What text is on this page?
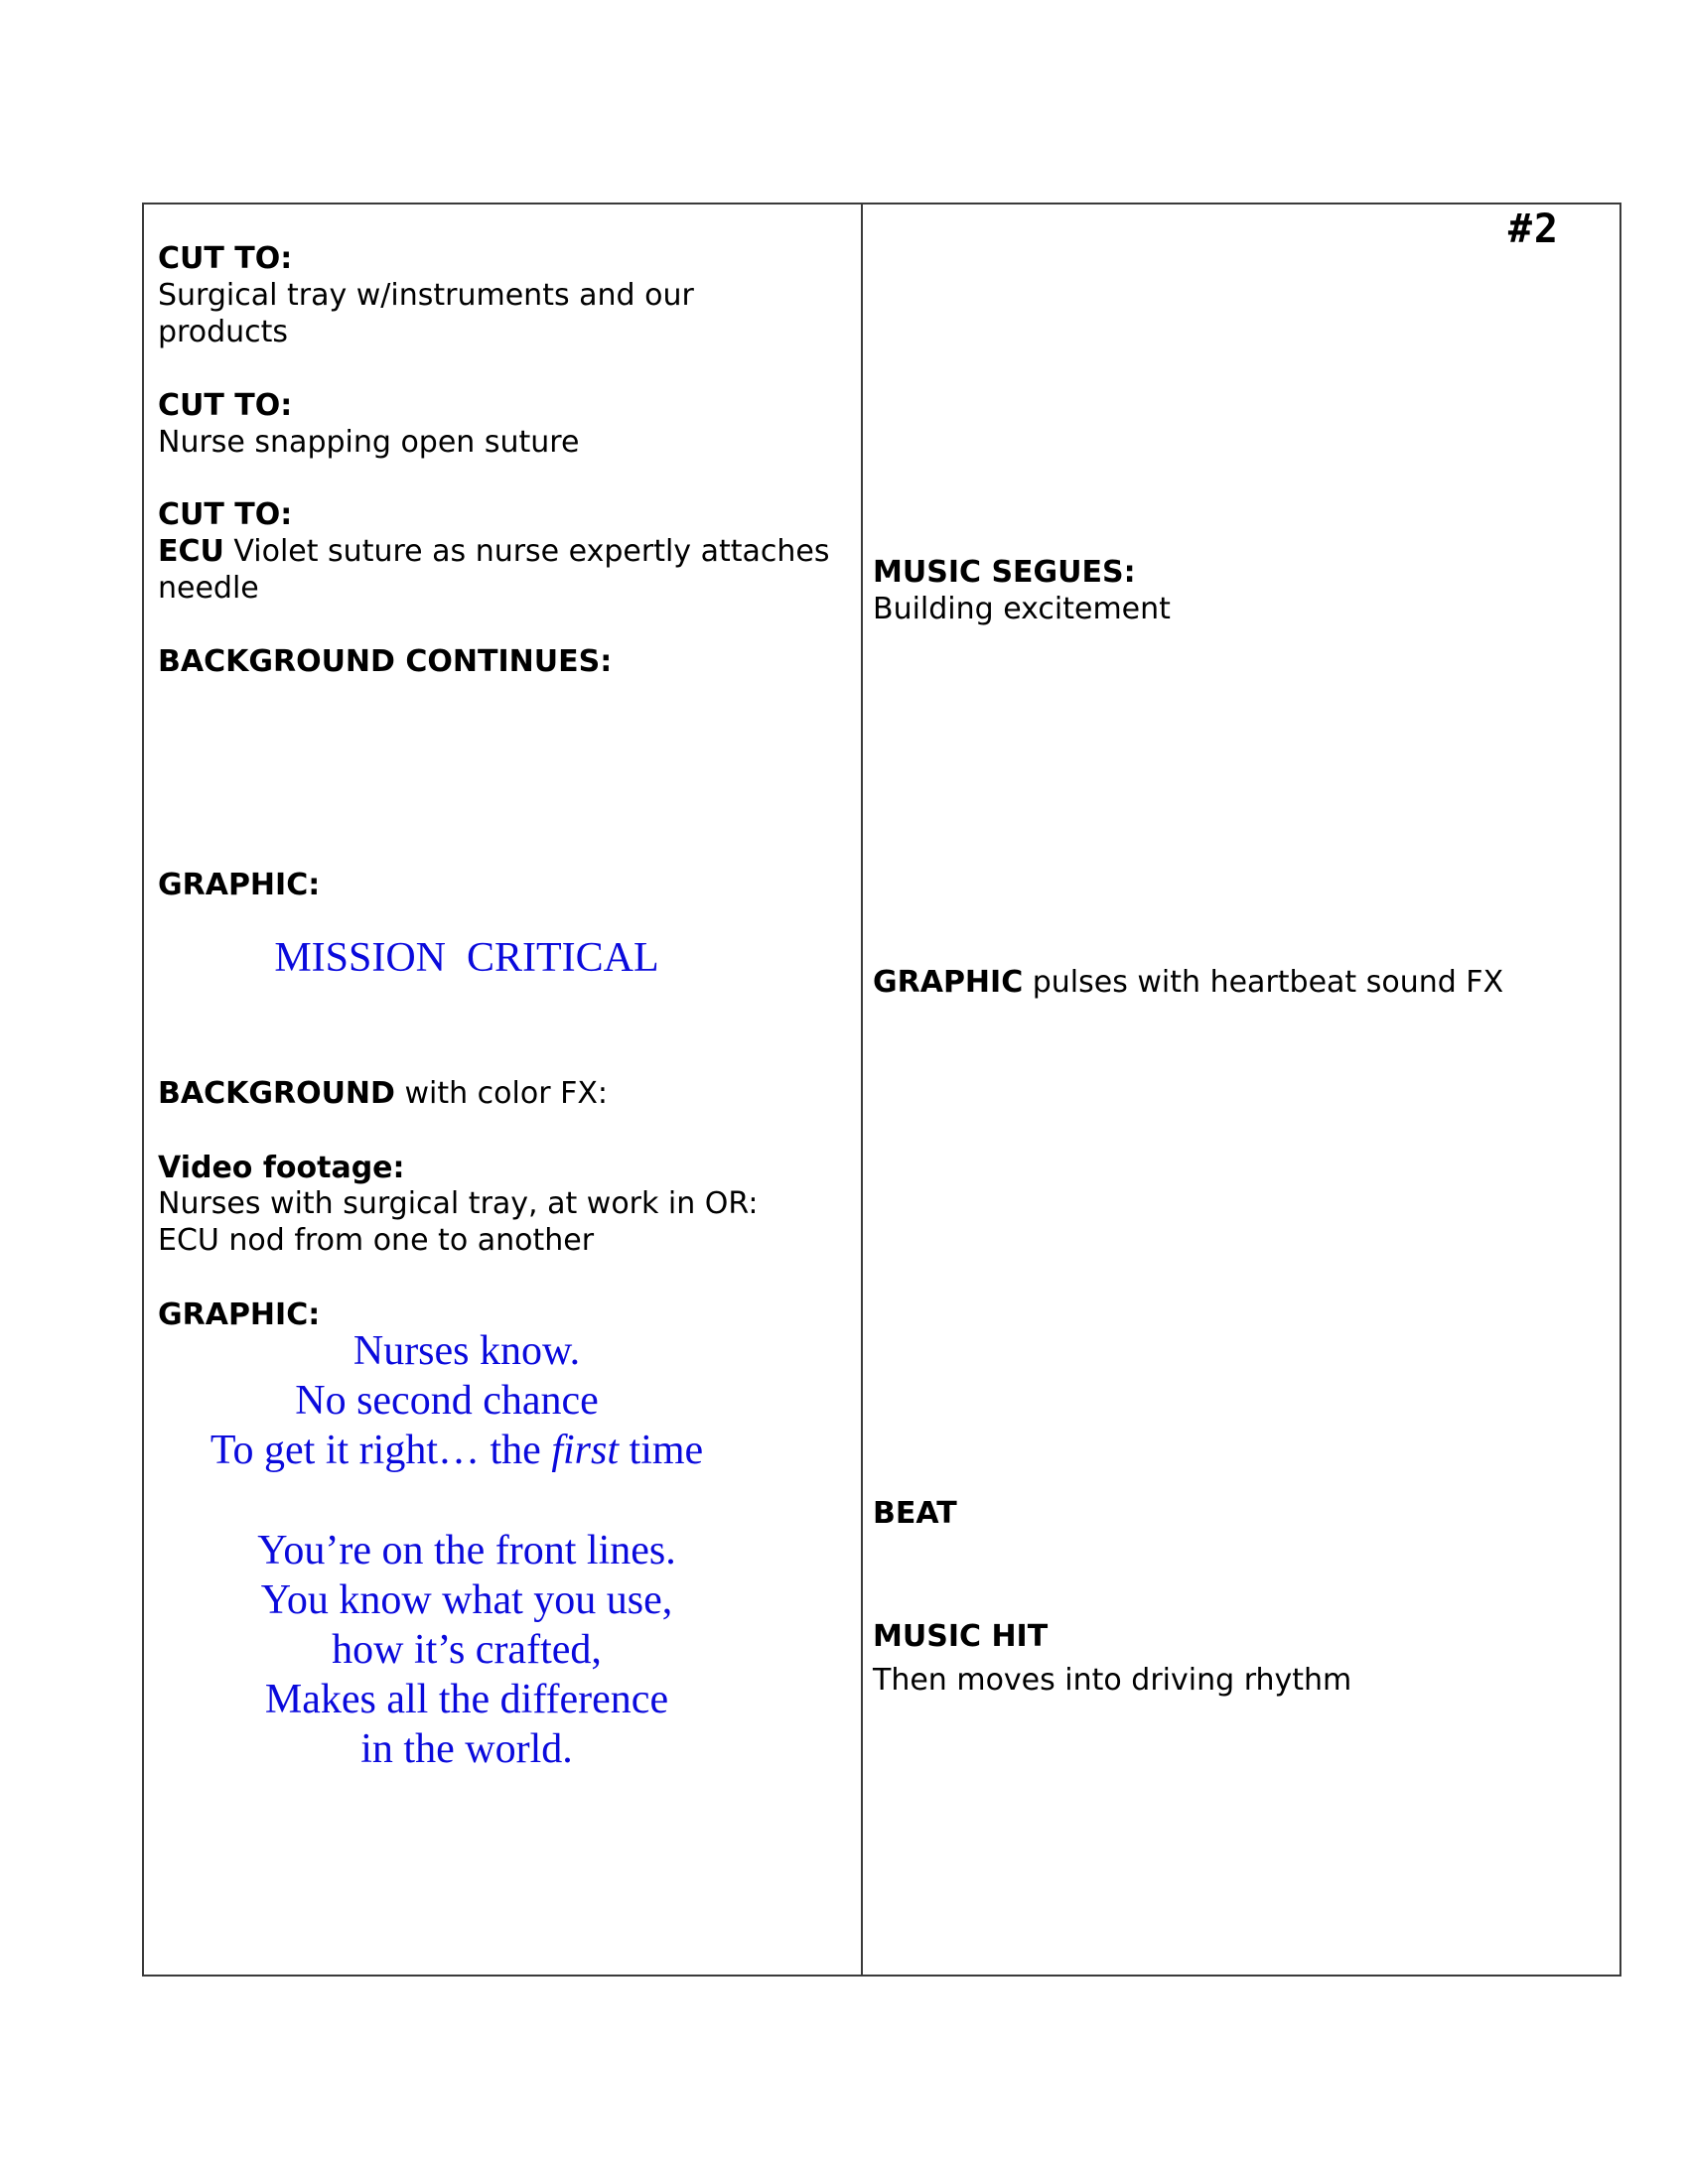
#2
CUT TO:
Surgical tray w/instruments and our
products
CUT TO:
Nurse snapping open suture
CUT TO:
ECU Violet suture as nurse expertly attaches
needle
BACKGROUND CONTINUES:
GRAPHIC:
MISSION  CRITICAL
BACKGROUND with color FX:
Video footage:
Nurses with surgical tray, at work in OR:
ECU nod from one to another
GRAPHIC:
Nurses know.
No second chance
To get it right… the first time
You’re on the front lines.
You know what you use,
how it’s crafted,
Makes all the difference
in the world.
MUSIC SEGUES:
Building excitement
GRAPHIC pulses with heartbeat sound FX
BEAT
MUSIC HIT
Then moves into driving rhythm
